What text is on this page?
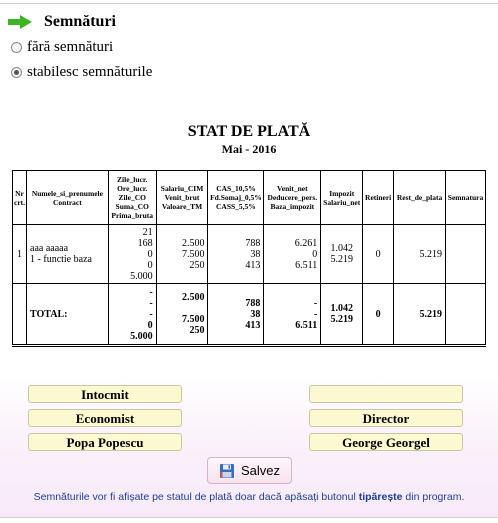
Semnături
fără semnături
stabilesc semnăturile
STAT DE PLATĂ
Mai - 2016
Nr
crt.	Numele_si_prenumele
Contract	Zile_lucr.
Ore_lucr.
Zile_CO
Suma_CO
Prima_bruta	Salariu_CIM
Venit_brut
Valoare_TM	CAS_10,5%
Fd.Somaj_0,5%
CASS_5,5%	Venit_net
Deducere_pers.
Baza_impozit	Impozit
Salariu_net	Retineri	Rest_de_plata	Semnatura
1	aaa aaaaa
1 - functie baza	21
168
0
0
5.000	2.500
7.500
250	788
38
413	6.261
0
6.511	1.042
5.219	0	5.219	
	TOTAL:	-
-
-
0
5.000	2.500

7.500
250	788
38
413	-
-
6.511	1.042
5.219	0	5.219	
Intocmit
Economist
Popa Popescu
Director
George Georgel
Salvez
Semnăturile vor fi afișate pe statul de plată doar dacă apăsați butonul tipărește din program.
